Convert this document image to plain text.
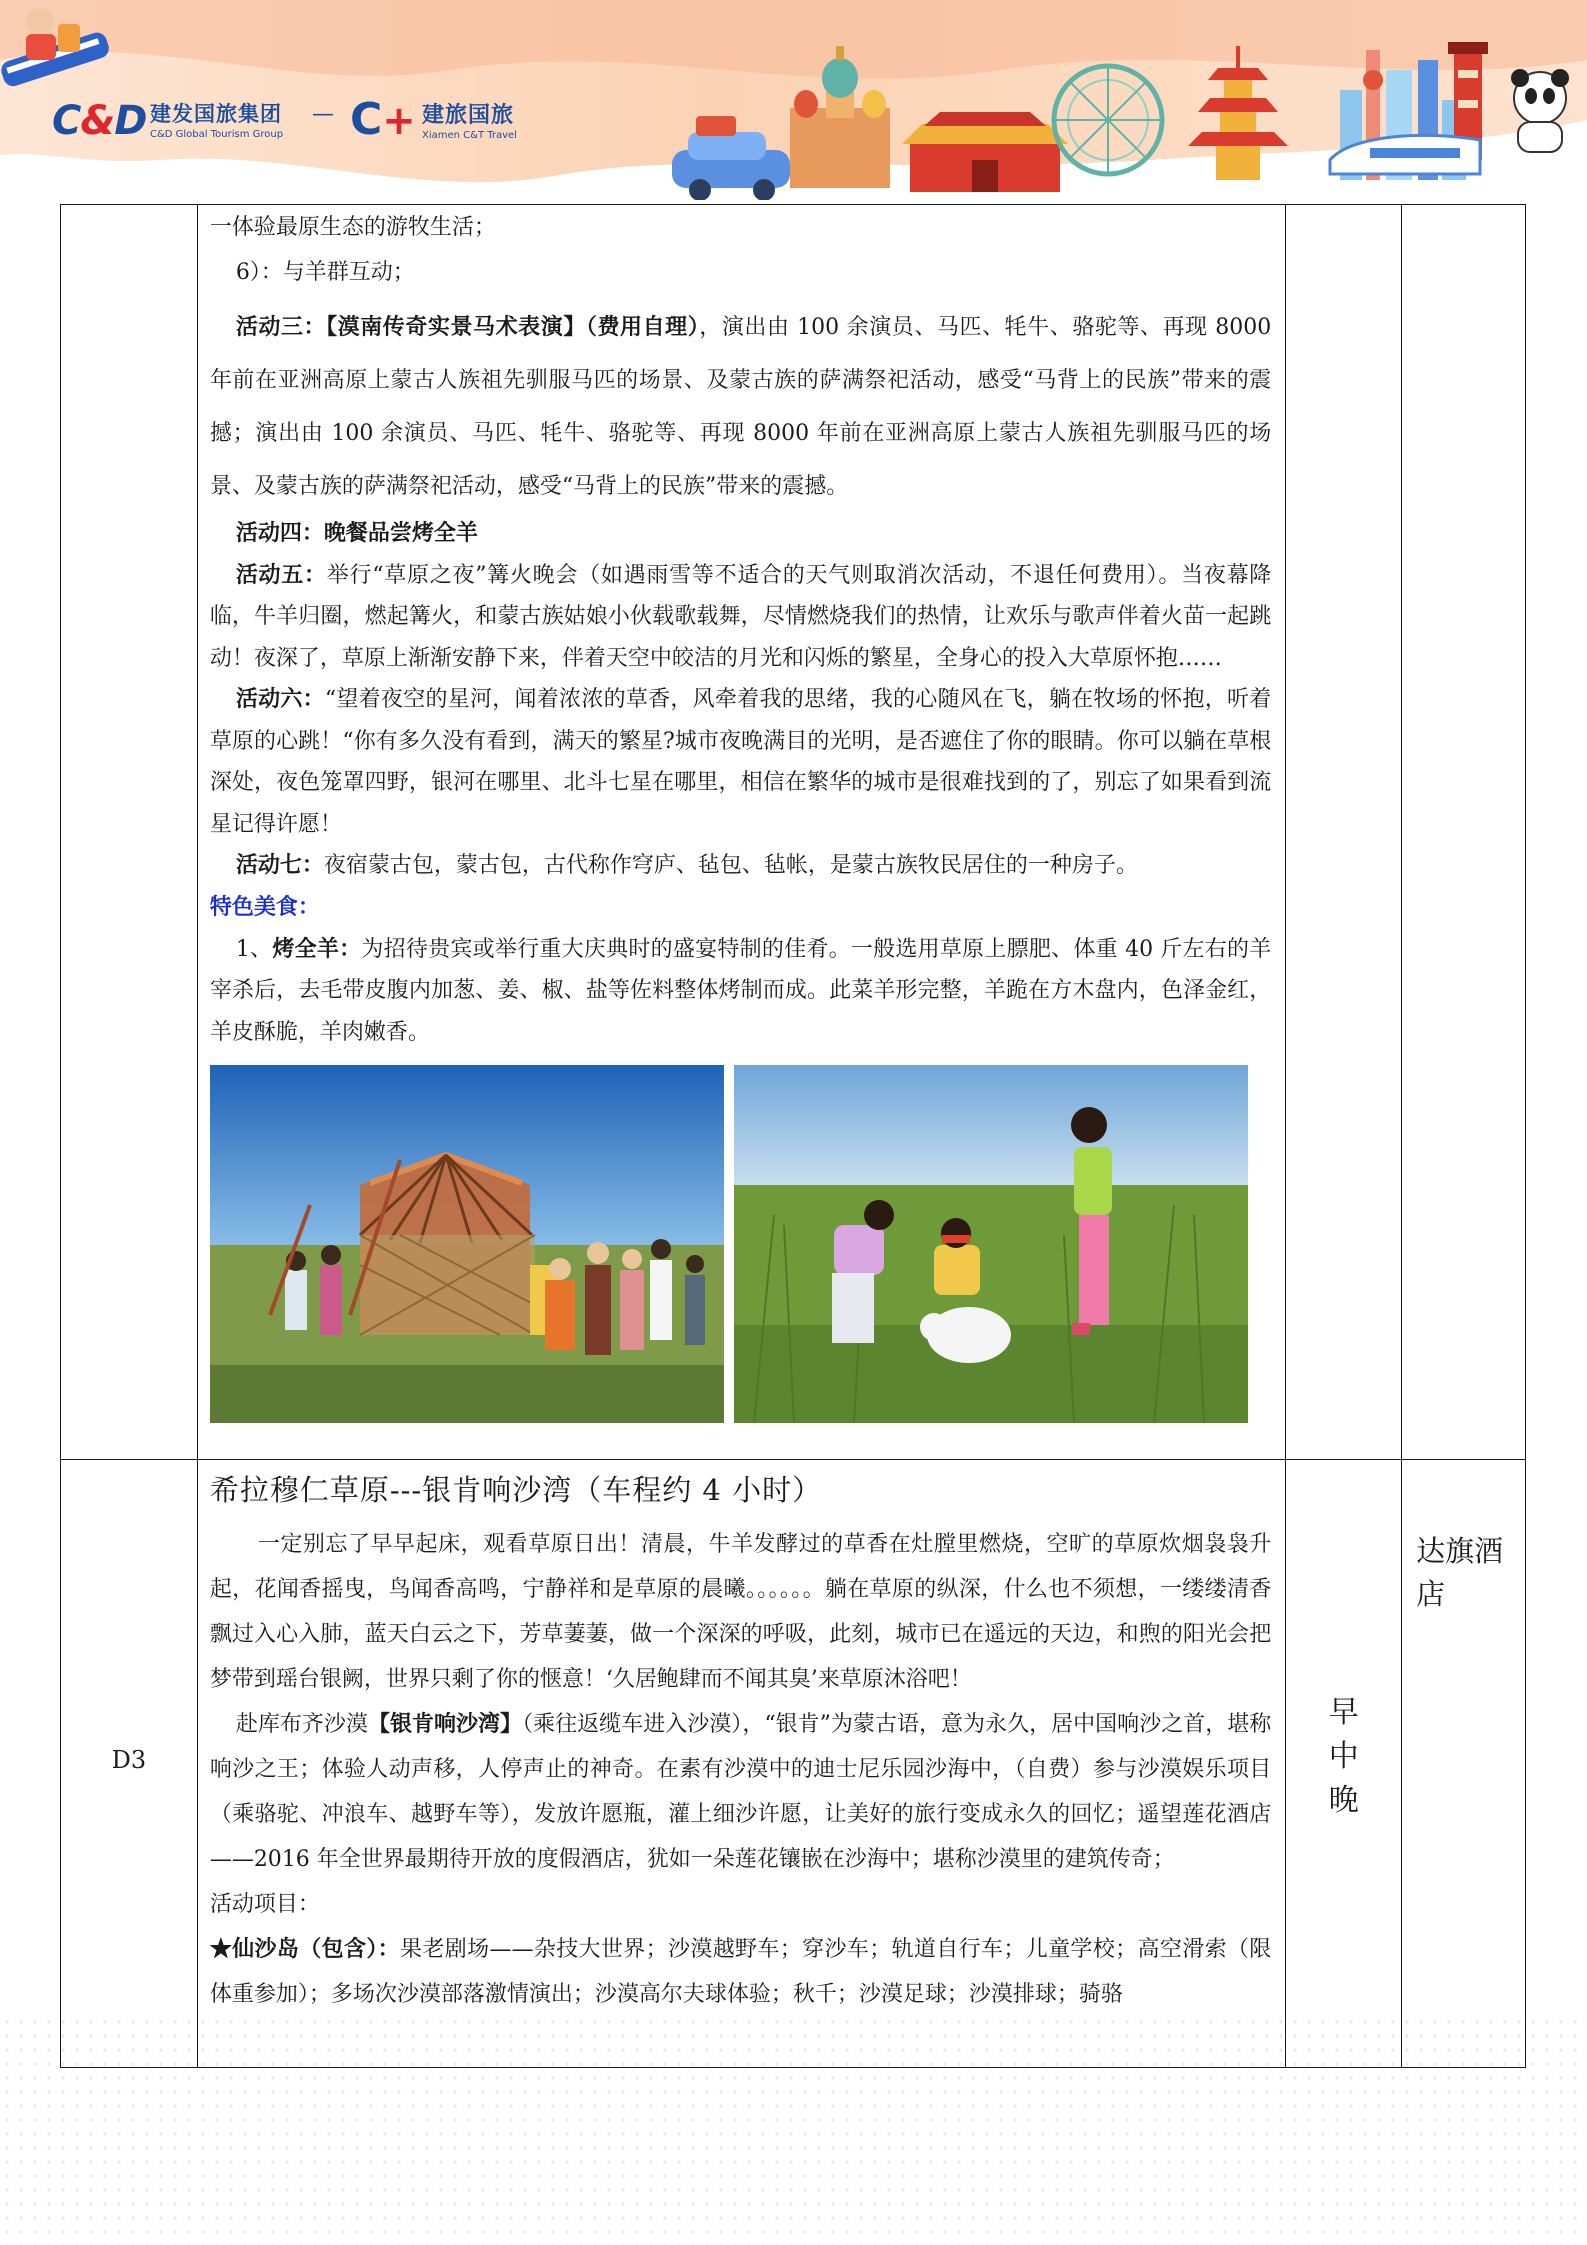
C&D 建发国旅集团
C&D Global Tourism Group
— C+ 建旅国旅
Xiamen C&T Travel

一体验最原生态的游牧生活；

6）：与羊群互动；

活动三：【漠南传奇实景马术表演】（费用自理），演出由 100 余演员、马匹、牦牛、骆驼等、再现 8000 年前在亚洲高原上蒙古人族祖先驯服马匹的场景、及蒙古族的萨满祭祀活动，感受“马背上的民族”带来的震撼；演出由 100 余演员、马匹、牦牛、骆驼等、再现 8000 年前在亚洲高原上蒙古人族祖先驯服马匹的场景、及蒙古族的萨满祭祀活动，感受“马背上的民族”带来的震撼。

活动四：晚餐品尝烤全羊

活动五：举行“草原之夜”篝火晚会（如遇雨雪等不适合的天气则取消次活动，不退任何费用）。当夜幕降临，牛羊归圈，燃起篝火，和蒙古族姑娘小伙载歌载舞，尽情燃烧我们的热情，让欢乐与歌声伴着火苗一起跳动！夜深了，草原上渐渐安静下来，伴着天空中皎洁的月光和闪烁的繁星，全身心的投入大草原怀抱……

活动六：“望着夜空的星河，闻着浓浓的草香，风牵着我的思绪，我的心随风在飞，躺在牧场的怀抱，听着草原的心跳！“你有多久没有看到，满天的繁星?城市夜晚满目的光明，是否遮住了你的眼睛。你可以躺在草根深处，夜色笼罩四野，银河在哪里、北斗七星在哪里，相信在繁华的城市是很难找到的了，别忘了如果看到流星记得许愿！

活动七：夜宿蒙古包，蒙古包，古代称作穹庐、毡包、毡帐，是蒙古族牧民居住的一种房子。

特色美食：

1、烤全羊：为招待贵宾或举行重大庆典时的盛宴特制的佳肴。一般选用草原上膘肥、体重 40 斤左右的羊宰杀后，去毛带皮腹内加葱、姜、椒、盐等佐料整体烤制而成。此菜羊形完整，羊跪在方木盘内，色泽金红，羊皮酥脆，羊肉嫩香。

D3
希拉穆仁草原---银肯响沙湾（车程约 4 小时）

一定别忘了早早起床，观看草原日出！清晨，牛羊发酵过的草香在灶膛里燃烧，空旷的草原炊烟袅袅升起，花闻香摇曳，鸟闻香高鸣，宁静祥和是草原的晨曦。。。。。。躺在草原的纵深，什么也不须想，一缕缕清香飘过入心入肺，蓝天白云之下，芳草萋萋，做一个深深的呼吸，此刻，城市已在遥远的天边，和煦的阳光会把梦带到瑶台银阙，世界只剩了你的惬意！‘久居鲍肆而不闻其臭’来草原沐浴吧！

赴库布齐沙漠【银肯响沙湾】（乘往返缆车进入沙漠），“银肯”为蒙古语，意为永久，居中国响沙之首，堪称响沙之王；体验人动声移，人停声止的神奇。在素有沙漠中的迪士尼乐园沙海中，（自费）参与沙漠娱乐项目（乘骆驼、冲浪车、越野车等），发放许愿瓶，灌上细沙许愿，让美好的旅行变成永久的回忆；遥望莲花酒店——2016 年全世界最期待开放的度假酒店，犹如一朵莲花镶嵌在沙海中；堪称沙漠里的建筑传奇；

活动项目：

★仙沙岛（包含）：果老剧场——杂技大世界；沙漠越野车；穿沙车；轨道自行车；儿童学校；高空滑索（限体重参加）；多场次沙漠部落激情演出；沙漠高尔夫球体验；秋千；沙漠足球；沙漠排球；骑骆

早中晚
达旗酒店
